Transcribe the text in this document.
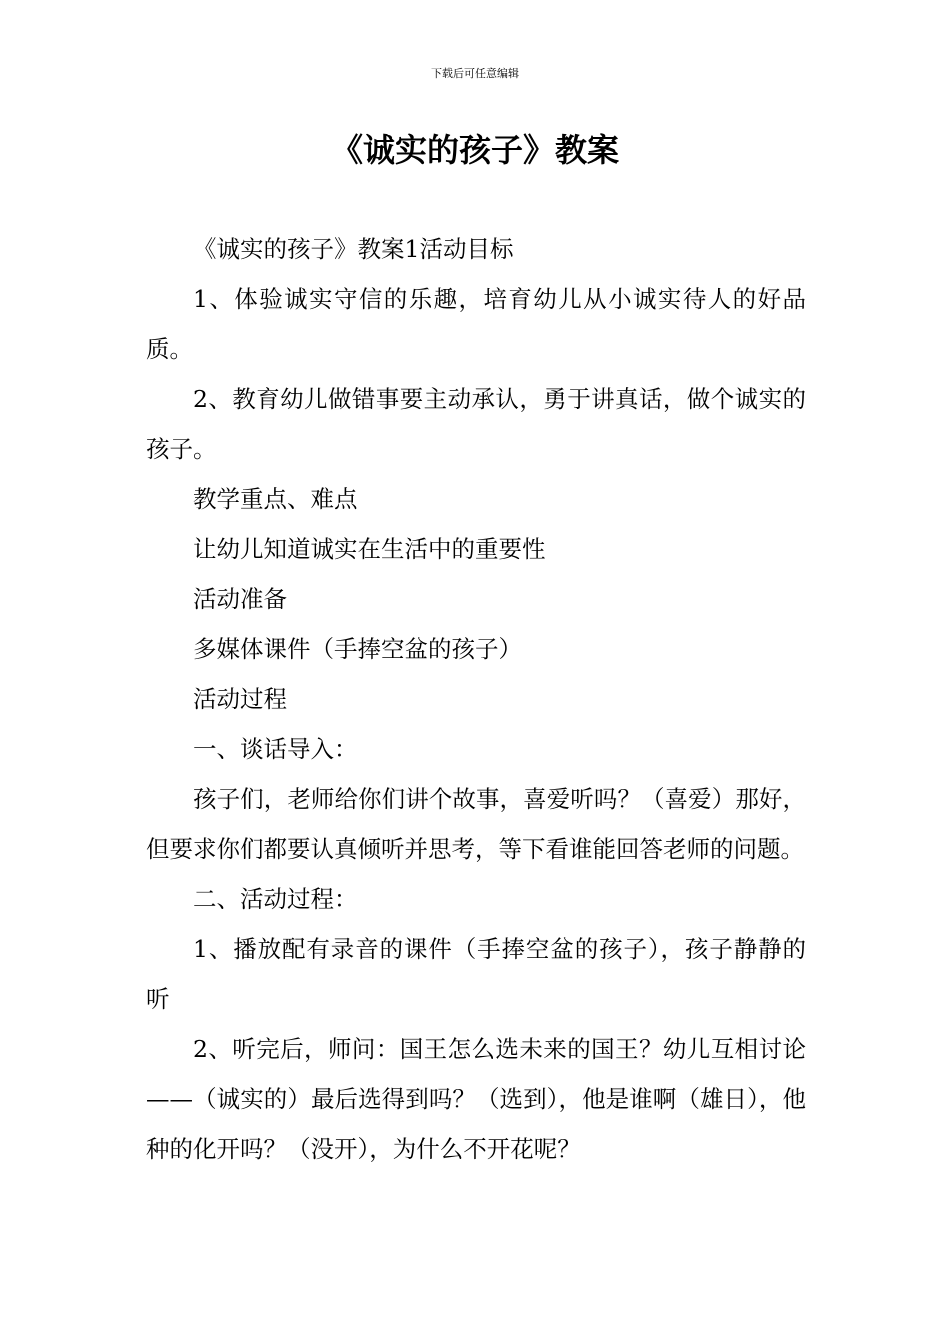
下载后可任意编辑
《诚实的孩子》教案

《诚实的孩子》教案1活动目标

1、体验诚实守信的乐趣，培育幼儿从小诚实待人的好品质。

2、教育幼儿做错事要主动承认，勇于讲真话，做个诚实的孩子。

教学重点、难点

让幼儿知道诚实在生活中的重要性

活动准备

多媒体课件（手捧空盆的孩子）

活动过程

一、谈话导入：

孩子们，老师给你们讲个故事，喜爱听吗？（喜爱）那好，但要求你们都要认真倾听并思考，等下看谁能回答老师的问题。

二、活动过程：

1、播放配有录音的课件（手捧空盆的孩子），孩子静静的听

2、听完后，师问：国王怎么选未来的国王？幼儿互相讨论——（诚实的）最后选得到吗？（选到），他是谁啊（雄日），他种的化开吗？（没开），为什么不开花呢？
